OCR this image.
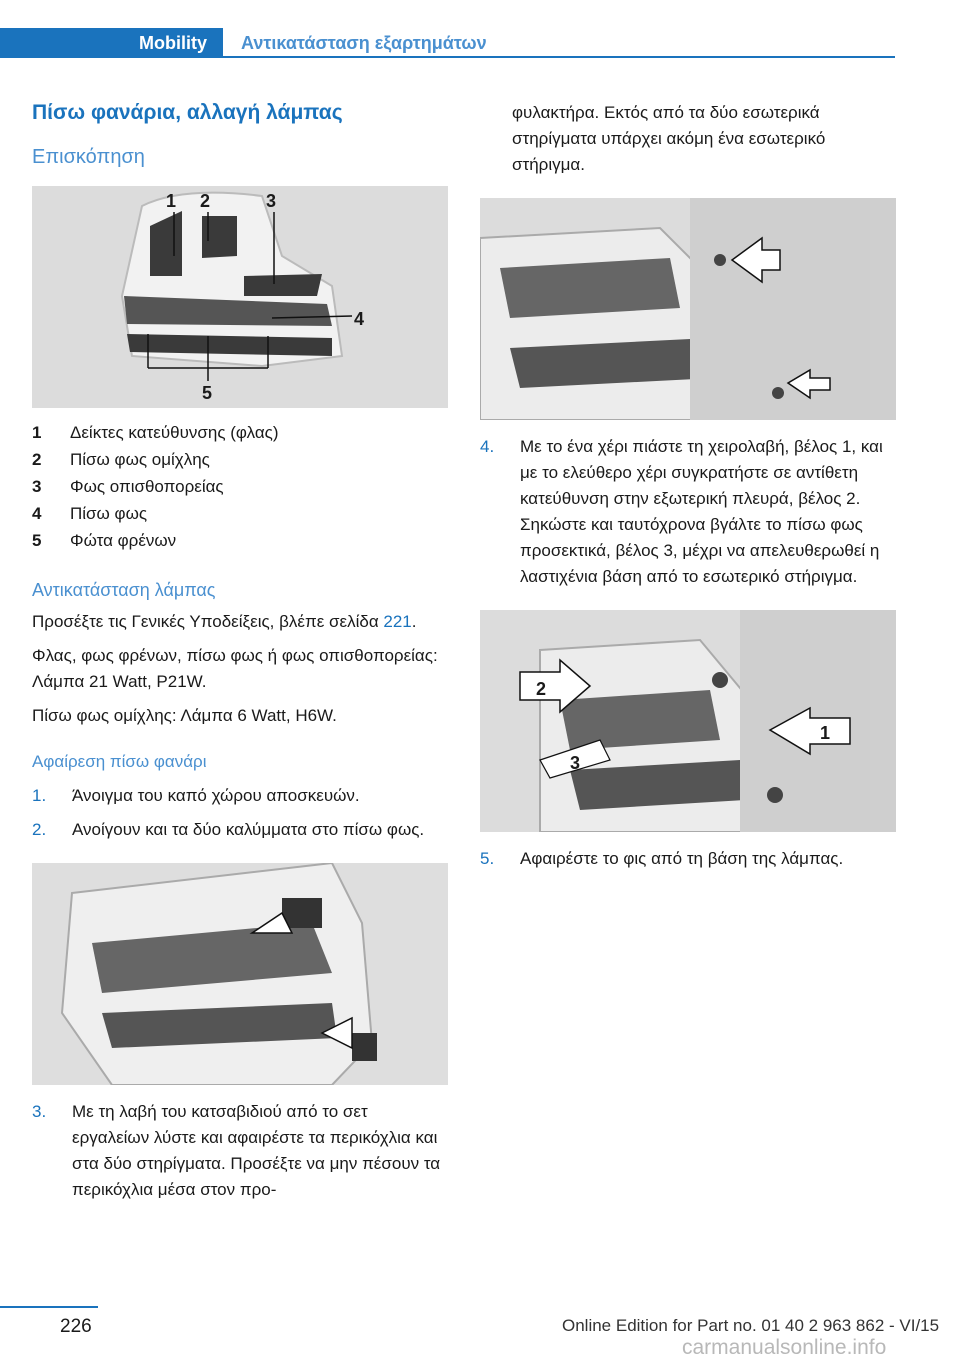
Mobility Αντικατάσταση εξαρτημάτων
Πίσω φανάρια, αλλαγή λάμπας
Επισκόπηση
1 2	3
4
5
1	Δείκτες κατεύθυνσης (φλας)
2	Πίσω φως ομίχλης
3	Φως οπισθοπορείας
4	Πίσω φως
5	Φώτα φρένων
Αντικατάσταση λάμπας

Προσέξτε τις Γενικές Υποδείξεις, βλέπε σελίδα 221.

Φλας, φως φρένων, πίσω φως ή φως οπισθοπορείας: Λάμπα 21 Watt, P21W.

Πίσω φως ομίχλης: Λάμπα 6 Watt, H6W.

Αφαίρεση πίσω φανάρι
1. Άνοιγμα του καπό χώρου αποσκευών.
2. Ανοίγουν και τα δύο καλύμματα στο πίσω φως.
3. Με τη λαβή του κατσαβιδιού από το σετ εργαλείων λύστε και αφαιρέστε τα περικόχλια και στα δύο στηρίγματα. Προσέξτε να μην πέσουν τα περικόχλια μέσα στον προ-
φυλακτήρα. Εκτός από τα δύο εσωτερικά στηρίγματα υπάρχει ακόμη ένα εσωτερικό στήριγμα.
4. Με το ένα χέρι πιάστε τη χειρολαβή, βέλος 1, και με το ελεύθερο χέρι συγκρατήστε σε αντίθετη κατεύθυνση στην εξωτερική πλευρά, βέλος 2. Σηκώστε και ταυτόχρονα βγάλτε το πίσω φως προσεκτικά, βέλος 3, μέχρι να απελευθερωθεί η λαστιχένια βάση από το εσωτερικό στήριγμα.
2
1
3
5. Αφαιρέστε το φις από τη βάση της λάμπας.
226	Online Edition for Part no. 01 40 2 963 862 - VI/15
carmanualsonline.info
